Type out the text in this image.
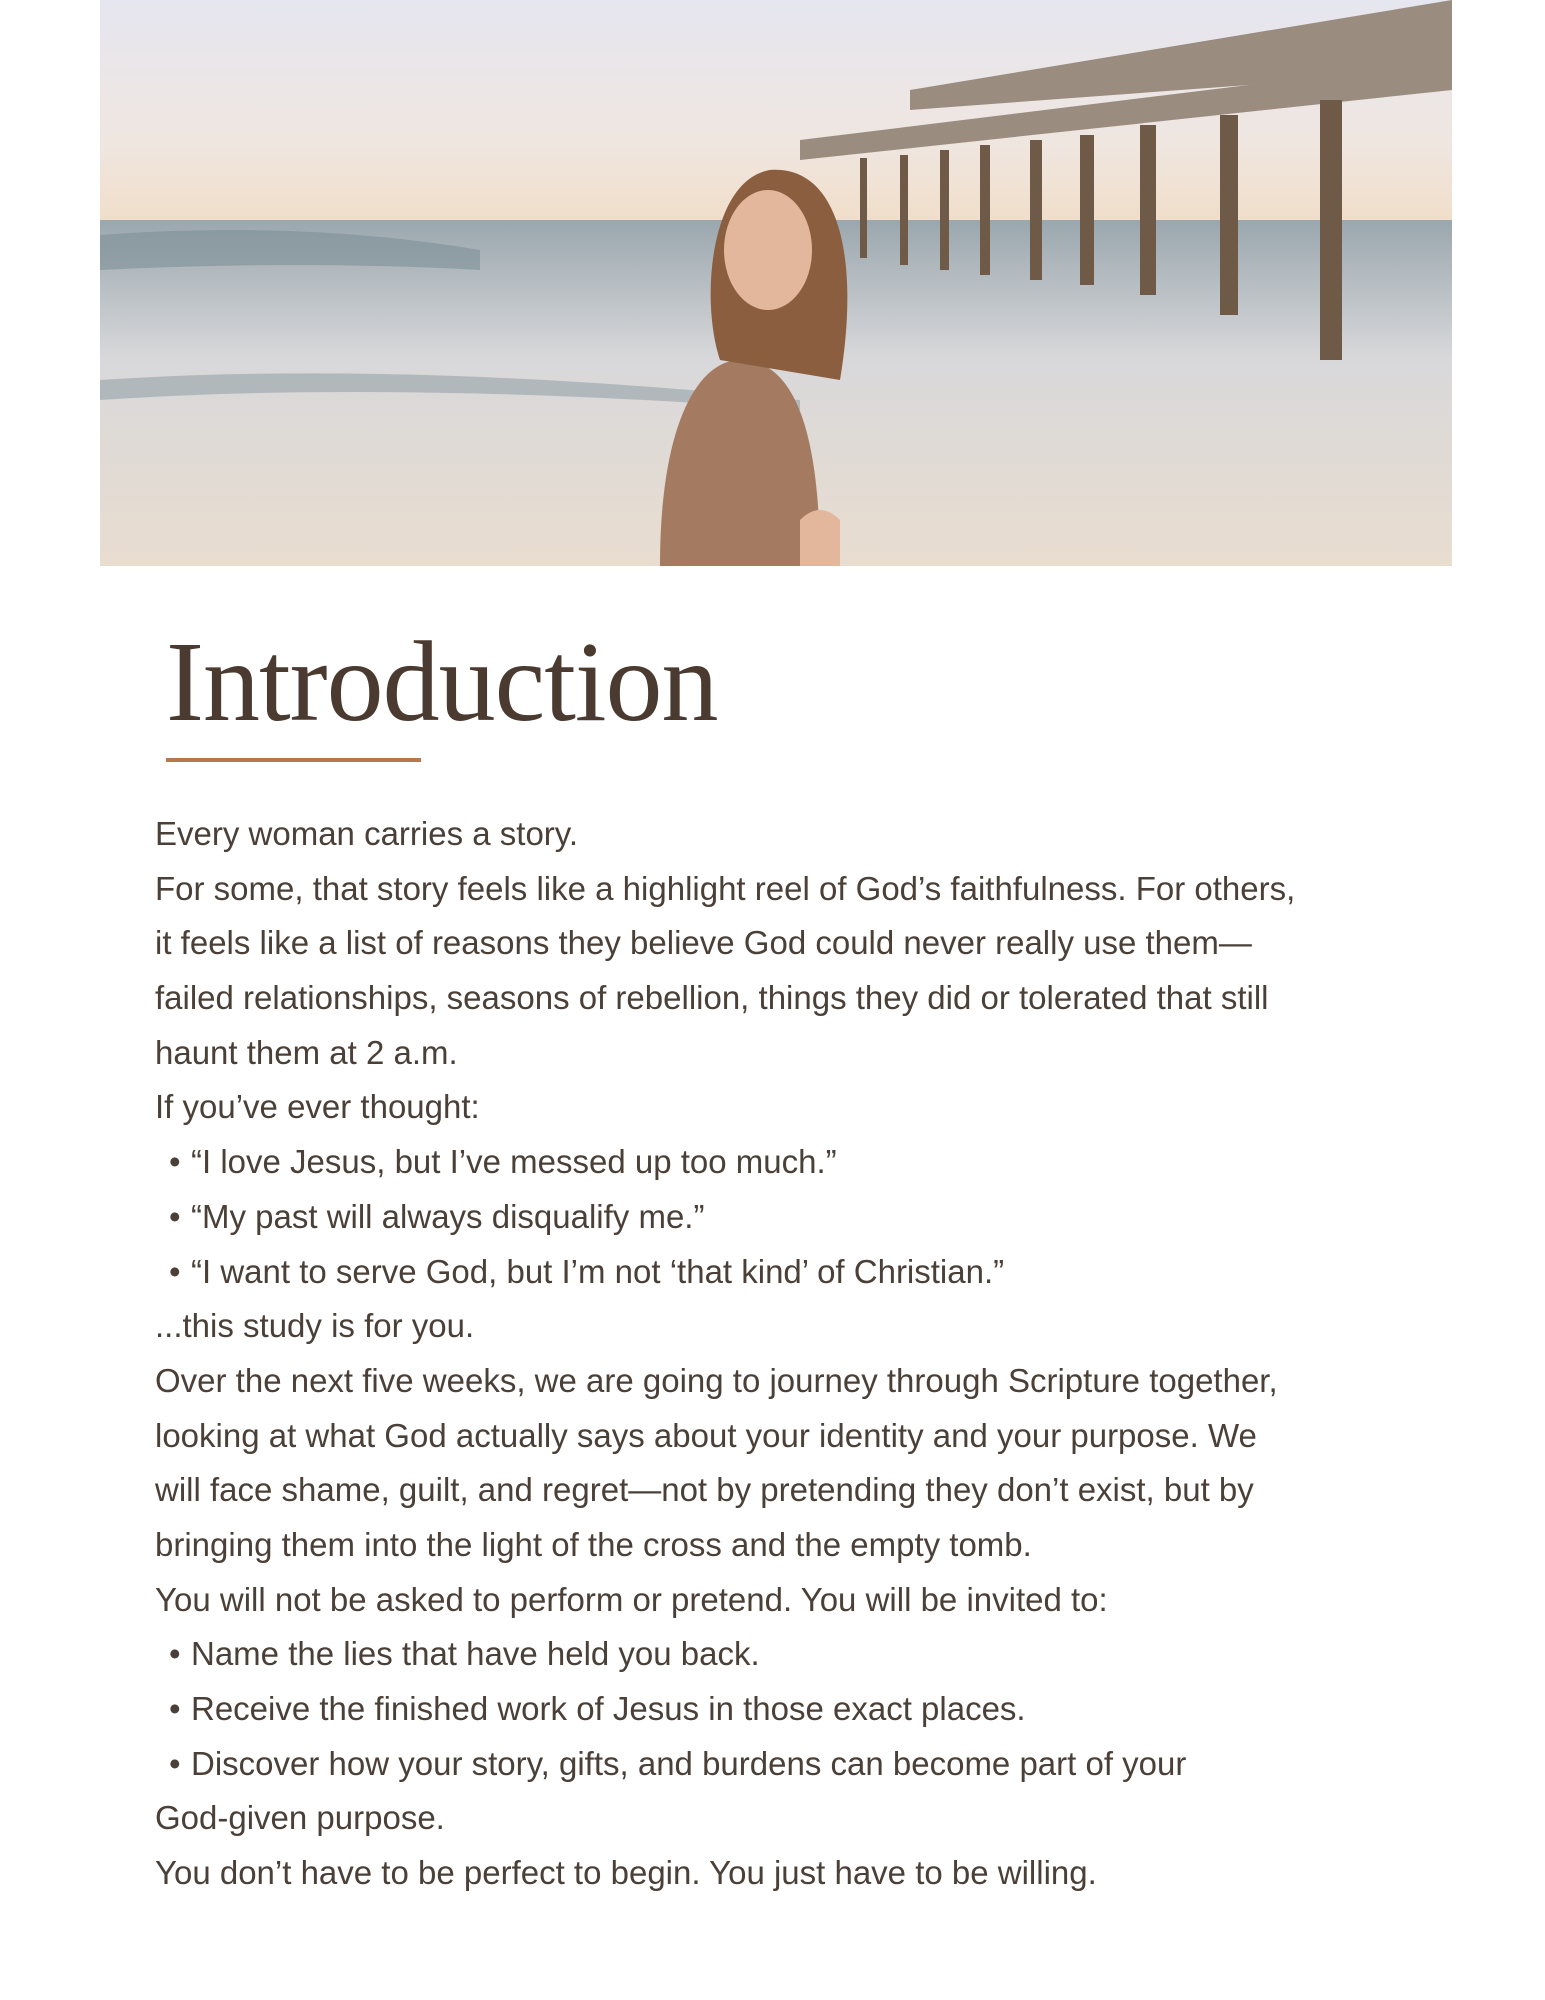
Introduction
Every woman carries a story.
For some, that story feels like a highlight reel of God’s faithfulness. For others,
it feels like a list of reasons they believe God could never really use them—
failed relationships, seasons of rebellion, things they did or tolerated that still
haunt them at 2 a.m.
If you’ve ever thought:
• “I love Jesus, but I’ve messed up too much.”
• “My past will always disqualify me.”
• “I want to serve God, but I’m not ‘that kind’ of Christian.”
...this study is for you.
Over the next five weeks, we are going to journey through Scripture together,
looking at what God actually says about your identity and your purpose. We
will face shame, guilt, and regret—not by pretending they don’t exist, but by
bringing them into the light of the cross and the empty tomb.
You will not be asked to perform or pretend. You will be invited to:
• Name the lies that have held you back.
• Receive the finished work of Jesus in those exact places.
• Discover how your story, gifts, and burdens can become part of your
God-given purpose.
You don’t have to be perfect to begin. You just have to be willing.
